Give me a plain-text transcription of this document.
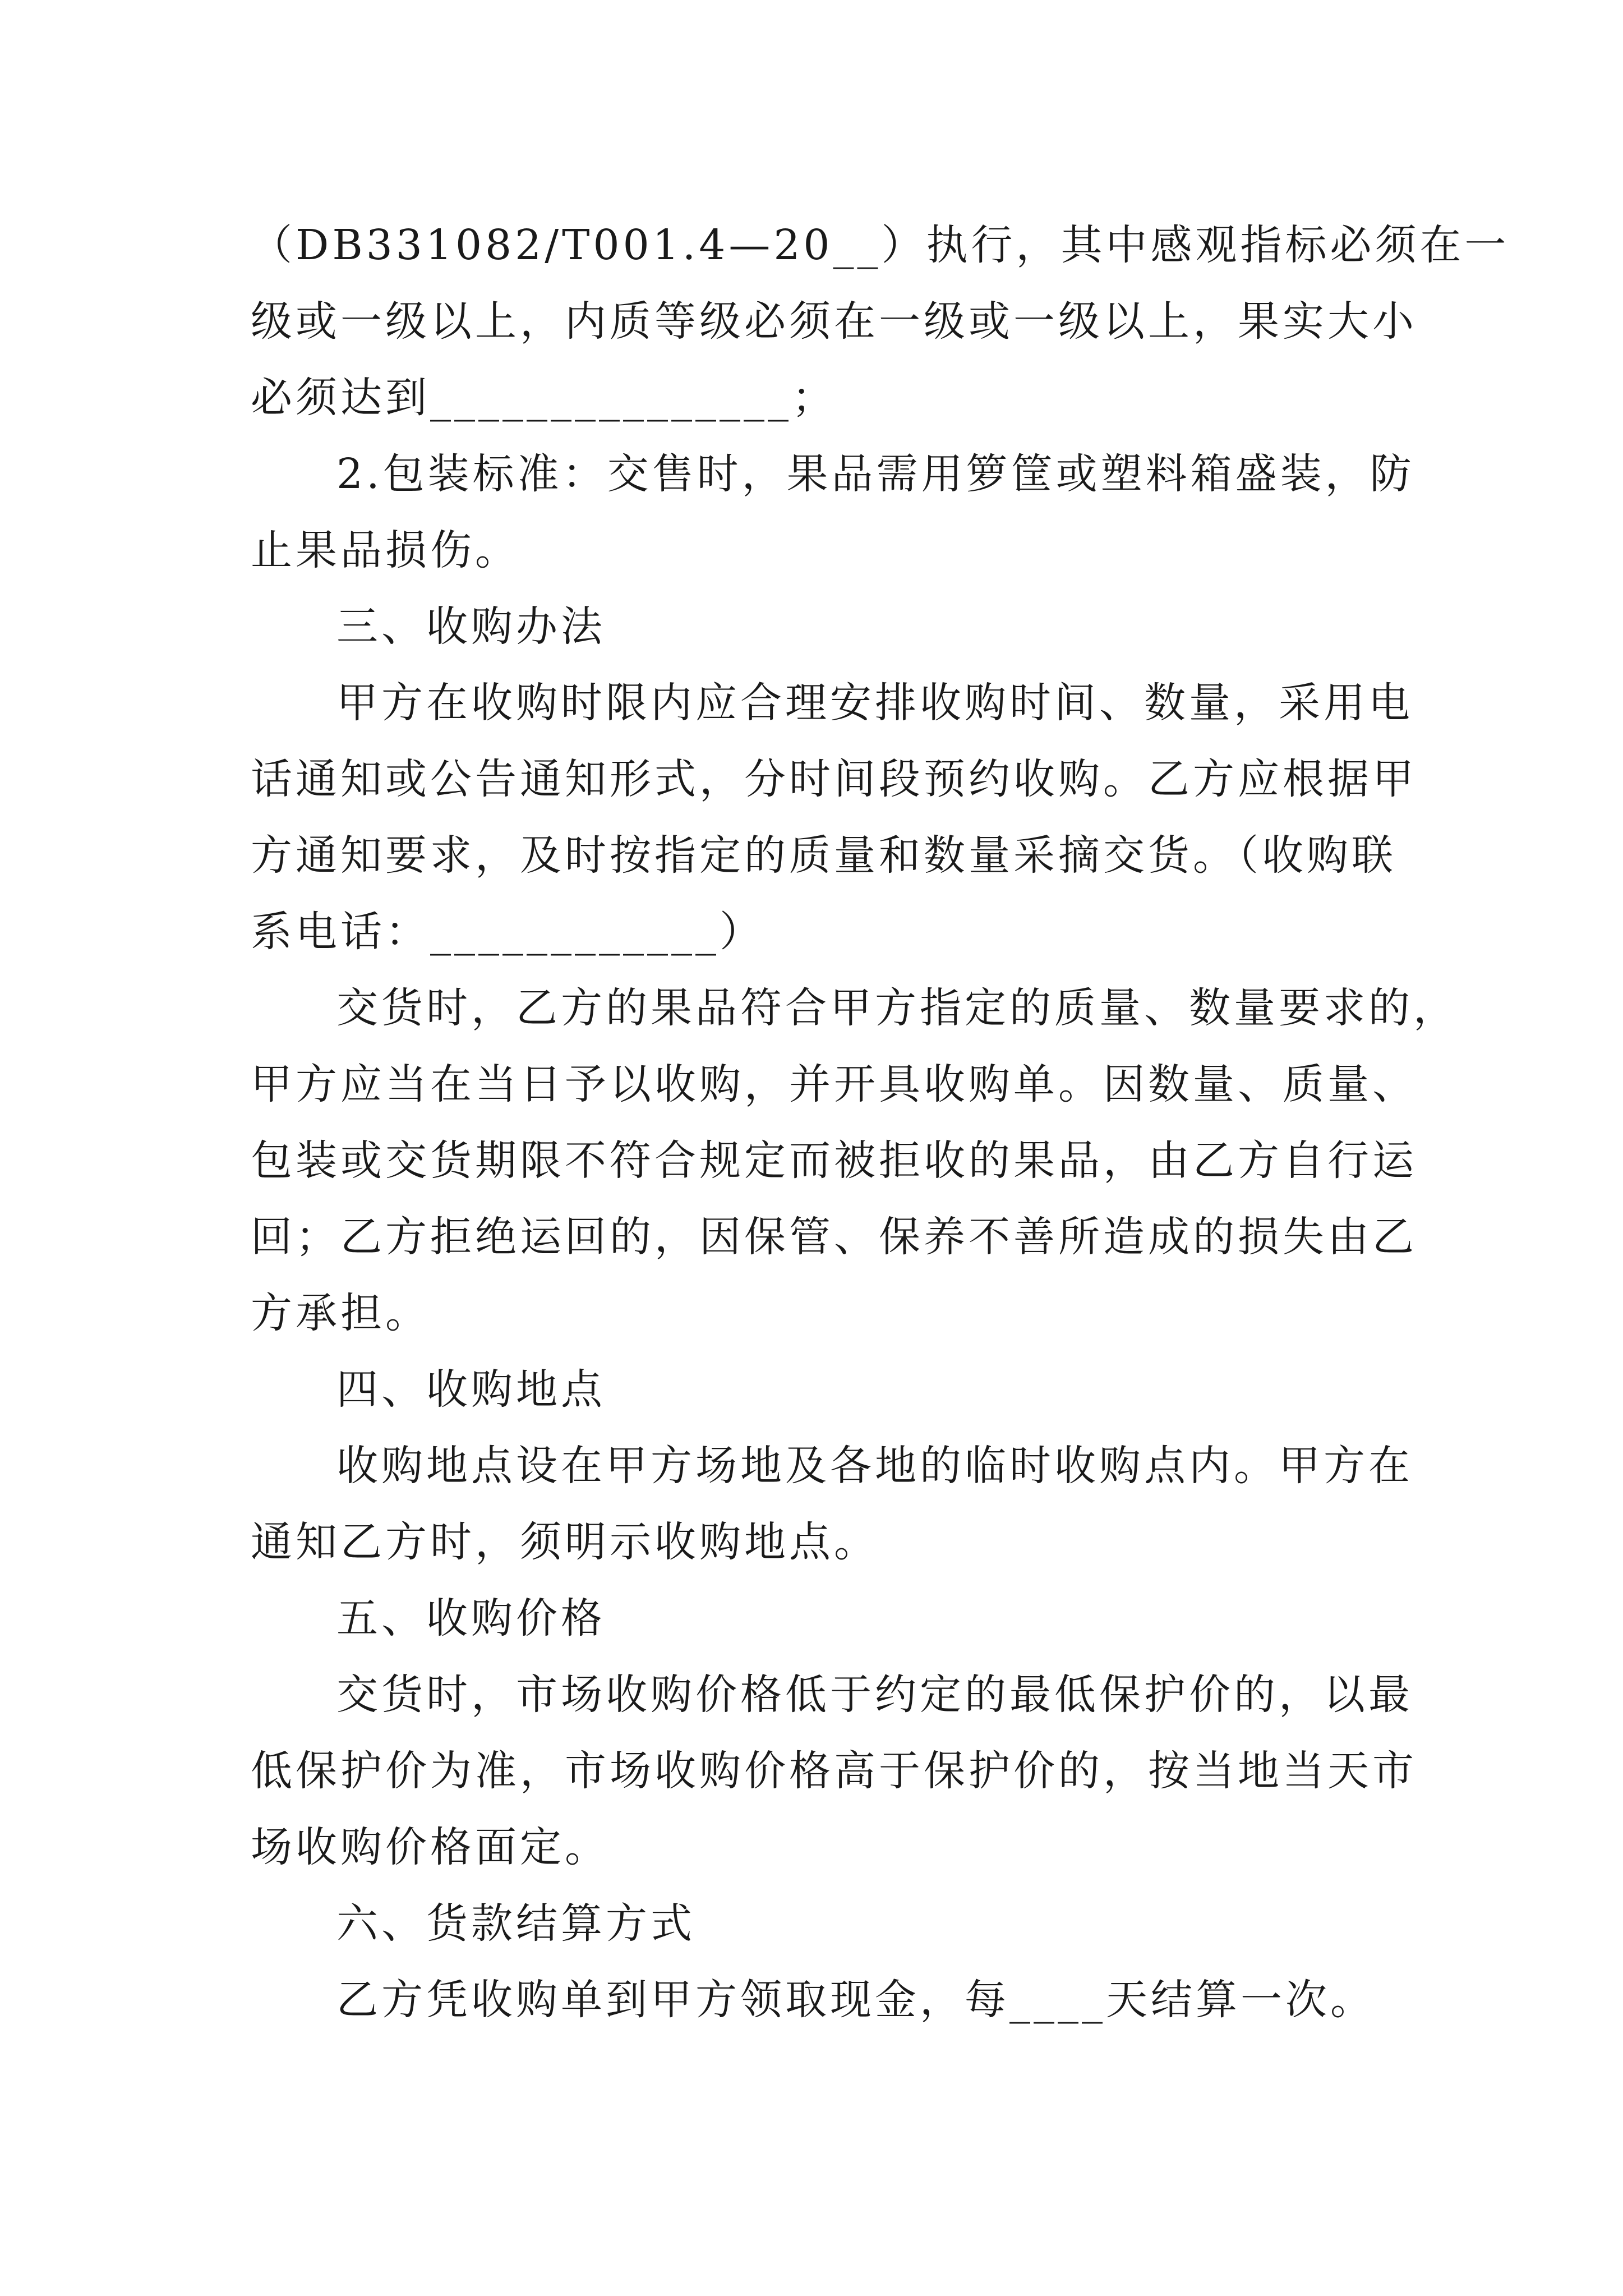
（DB331082/T001.4—20__）执行，其中感观指标必须在一
级或一级以上，内质等级必须在一级或一级以上，果实大小
必须达到_______________；
2.包装标准：交售时，果品需用箩筐或塑料箱盛装，防
止果品损伤。
三、收购办法
甲方在收购时限内应合理安排收购时间、数量，采用电
话通知或公告通知形式，分时间段预约收购。乙方应根据甲
方通知要求，及时按指定的质量和数量采摘交货。（收购联
系电话：____________）
交货时，乙方的果品符合甲方指定的质量、数量要求的，
甲方应当在当日予以收购，并开具收购单。因数量、质量、
包装或交货期限不符合规定而被拒收的果品，由乙方自行运
回；乙方拒绝运回的，因保管、保养不善所造成的损失由乙
方承担。
四、收购地点
收购地点设在甲方场地及各地的临时收购点内。甲方在
通知乙方时，须明示收购地点。
五、收购价格
交货时，市场收购价格低于约定的最低保护价的，以最
低保护价为准，市场收购价格高于保护价的，按当地当天市
场收购价格面定。
六、货款结算方式
乙方凭收购单到甲方领取现金，每____天结算一次。
